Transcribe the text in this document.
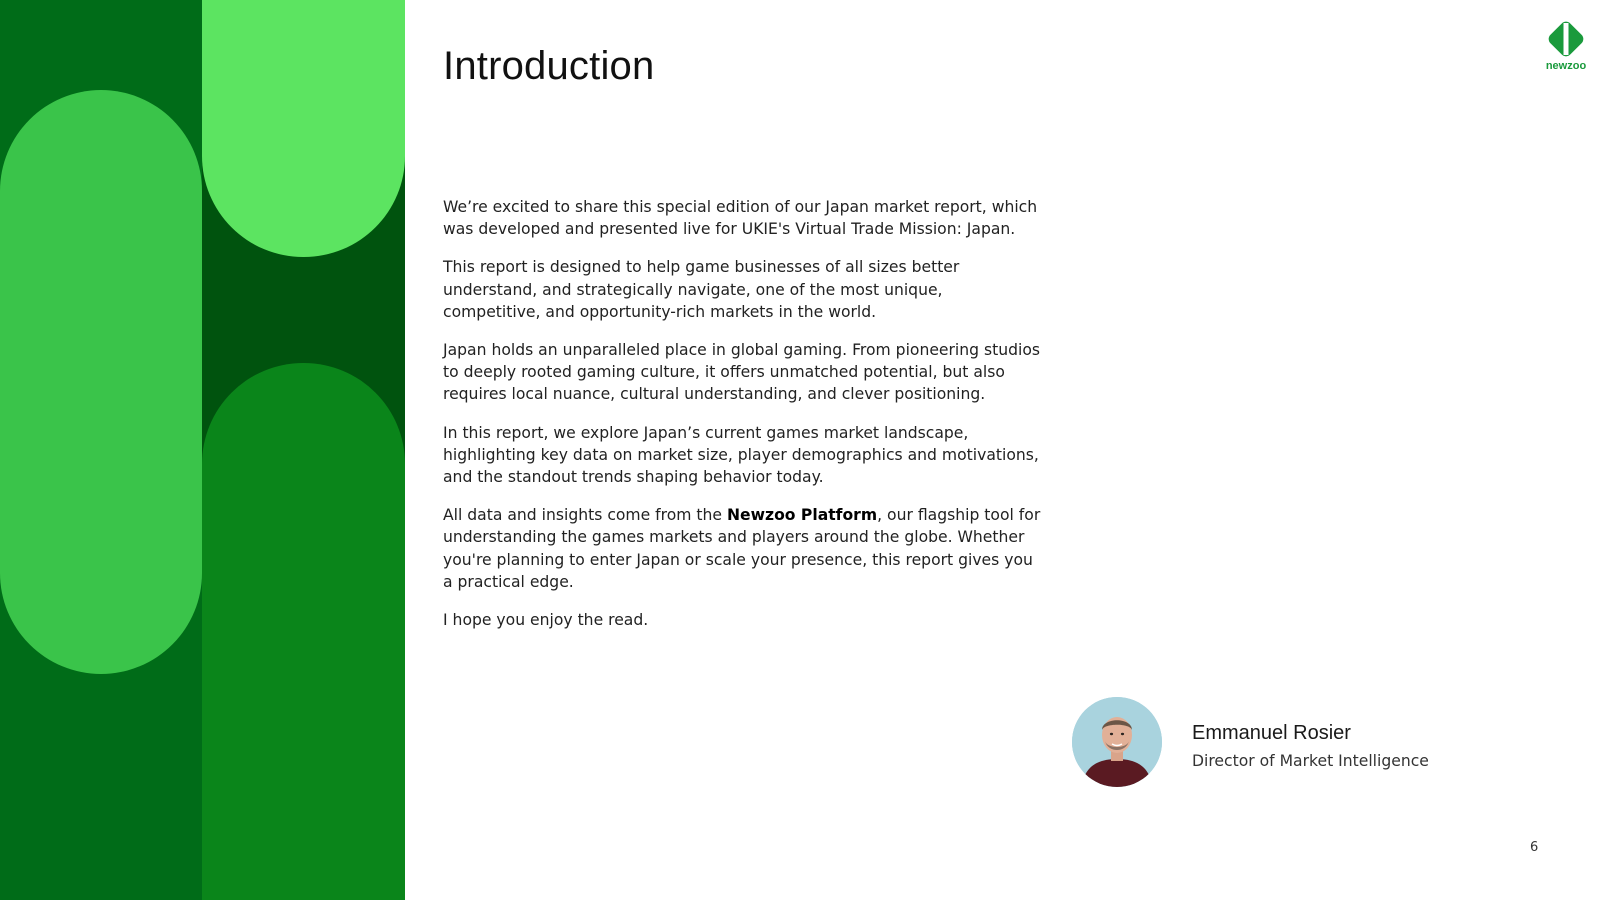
Introduction

We’re excited to share this special edition of our Japan market report, which was developed and presented live for UKIE's Virtual Trade Mission: Japan.

This report is designed to help game businesses of all sizes better understand, and strategically navigate, one of the most unique, competitive, and opportunity-rich markets in the world.

Japan holds an unparalleled place in global gaming. From pioneering studios to deeply rooted gaming culture, it offers unmatched potential, but also requires local nuance, cultural understanding, and clever positioning.

In this report, we explore Japan’s current games market landscape, highlighting key data on market size, player demographics and motivations, and the standout trends shaping behavior today.

All data and insights come from the Newzoo Platform, our flagship tool for understanding the games markets and players around the globe. Whether you're planning to enter Japan or scale your presence, this report gives you a practical edge.

I hope you enjoy the read.

newzoo
Emmanuel Rosier
Director of Market Intelligence
6
